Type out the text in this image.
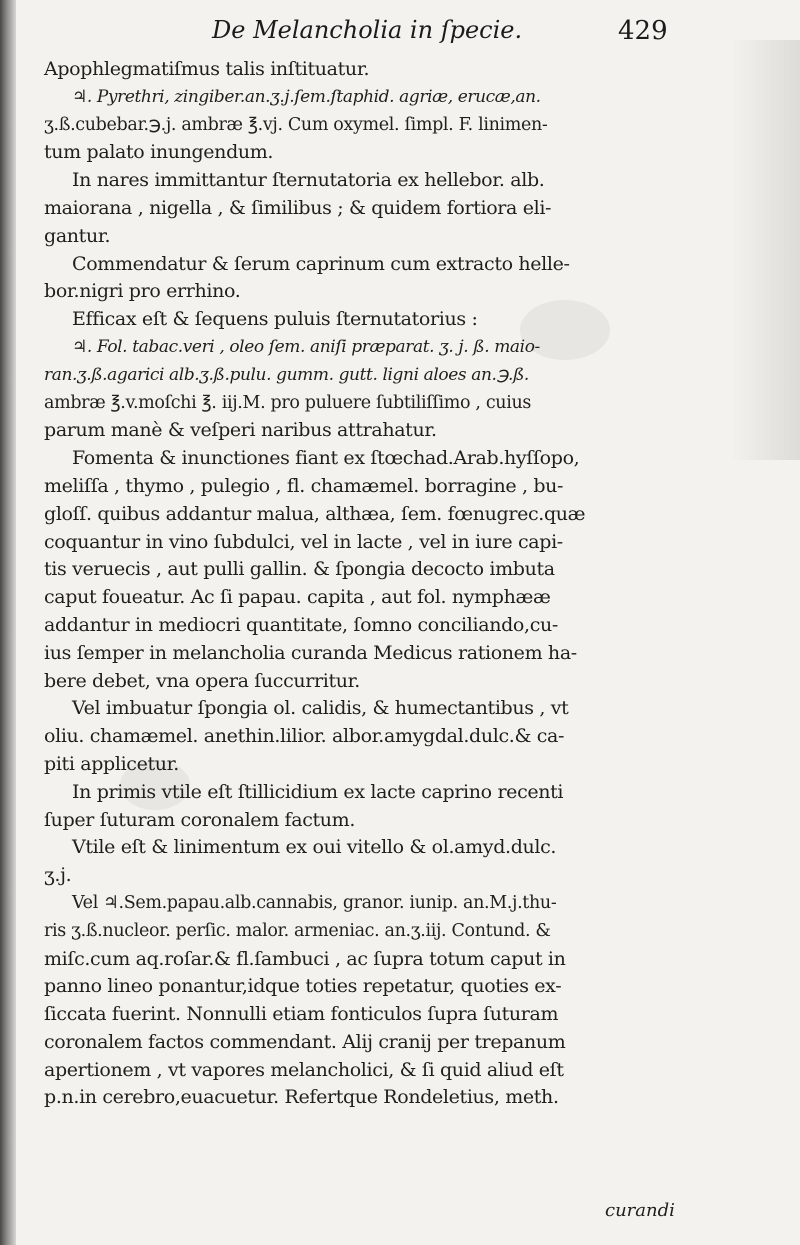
De Melancholia in ſpecie.	429
Apophlegmatiſmus talis inſtituatur.
♃. Pyrethri, zingiber.an.ʒ.j.ſem.ſtaphid. agriæ, erucæ,an.
ʒ.ß.cubebar.℈.j. ambræ ℥.vj. Cum oxymel. ſimpl. F. linimen-
tum palato inungendum.
In nares immittantur ſternutatoria ex hellebor. alb.
maiorana , nigella , & ſimilibus ; & quidem fortiora eli-
gantur.
Commendatur & ſerum caprinum cum extracto helle-
bor.nigri pro errhino.
Efficax eſt & ſequens puluis ſternutatorius :
♃. Fol. tabac.veri , oleo ſem. aniſi præparat. ʒ. j. ß. maio-
ran.ʒ.ß.agarici alb.ʒ.ß.pulu. gumm. gutt. ligni aloes an.℈.ß.
ambræ ℥.v.moſchi ℥. iij.M. pro puluere ſubtiliſſimo , cuius
parum manè & veſperi naribus attrahatur.
Fomenta & inunctiones fiant ex ſtœchad.Arab.hyſſopo,
meliſſa , thymo , pulegio , fl. chamæmel. borragine , bu-
gloſſ. quibus addantur malua, althæa, ſem. fœnugrec.quæ
coquantur in vino ſubdulci, vel in lacte , vel in iure capi-
tis veruecis , aut pulli gallin. & ſpongia decocto imbuta
caput foueatur. Ac ſi papau. capita , aut fol. nymphææ
addantur in mediocri quantitate, ſomno conciliando,cu-
ius ſemper in melancholia curanda Medicus rationem ha-
bere debet, vna opera ſuccurritur.
Vel imbuatur ſpongia ol. calidis, & humectantibus , vt
oliu. chamæmel. anethin.lilior. albor.amygdal.dulc.& ca-
piti applicetur.
In primis vtile eſt ſtillicidium ex lacte caprino recenti
ſuper ſuturam coronalem factum.
Vtile eſt & linimentum ex oui vitello & ol.amyd.dulc.
ʒ.j.
Vel ♃.Sem.papau.alb.cannabis, granor. iunip. an.M.j.thu-
ris ʒ.ß.nucleor. perſic. malor. armeniac. an.ʒ.iij. Contund. &
miſc.cum aq.roſar.& fl.ſambuci , ac ſupra totum caput in
panno lineo ponantur,idque toties repetatur, quoties ex-
ſiccata fuerint. Nonnulli etiam fonticulos ſupra ſuturam
coronalem factos commendant. Alij cranij per trepanum
apertionem , vt vapores melancholici, & ſi quid aliud eſt
p.n.in cerebro,euacuetur. Refertque Rondeletius, meth.
curandi
